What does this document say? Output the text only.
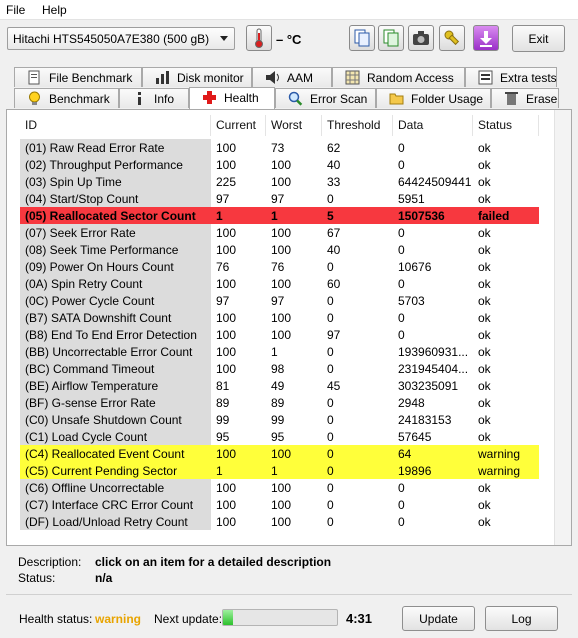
File Help
Hitachi HTS545050A7E380 (500 gB)	– °C	Exit
File Benchmark	Disk monitor	AAM	Random Access	Extra tests
Benchmark	Info	Health	Error Scan	Folder Usage	Erase
ID	Current	Worst	Threshold	Data	Status
(01) Raw Read Error Rate	100	73	62	0	ok
(02) Throughput Performance	100	100	40	0	ok
(03) Spin Up Time	225	100	33	64424509441 ok
(04) Start/Stop Count	97	97	0	5951	ok
(05) Reallocated Sector Count	1	1	5	1507536	failed
(07) Seek Error Rate	100	100	67	0	ok
(08) Seek Time Performance	100	100	40	0	ok
(09) Power On Hours Count	76	76	0	10676	ok
(0A) Spin Retry Count	100	100	60	0	ok
(0C) Power Cycle Count	97	97	0	5703	ok
(B7) SATA Downshift Count	100	100	0	0	ok
(B8) End To End Error Detection	100	100	97	0	ok
(BB) Uncorrectable Error Count	100	1	0	193960931... ok
(BC) Command Timeout	100	98	0	231945404... ok
(BE) Airflow Temperature	81	49	45	303235091	ok
(BF) G-sense Error Rate	89	89	0	2948	ok
(C0) Unsafe Shutdown Count	99	99	0	24183153	ok
(C1) Load Cycle Count	95	95	0	57645	ok
(C4) Reallocated Event Count	100	100	0	64	warning
(C5) Current Pending Sector	1	1	0	19896	warning
(C6) Offline Uncorrectable	100	100	0	0	ok
(C7) Interface CRC Error Count	100	100	0	0	ok
(DF) Load/Unload Retry Count	100	100	0	0	ok
Description: click on an item for a detailed description
Status:	n/a
Health status: warning Next update:	4:31	Update	Log
